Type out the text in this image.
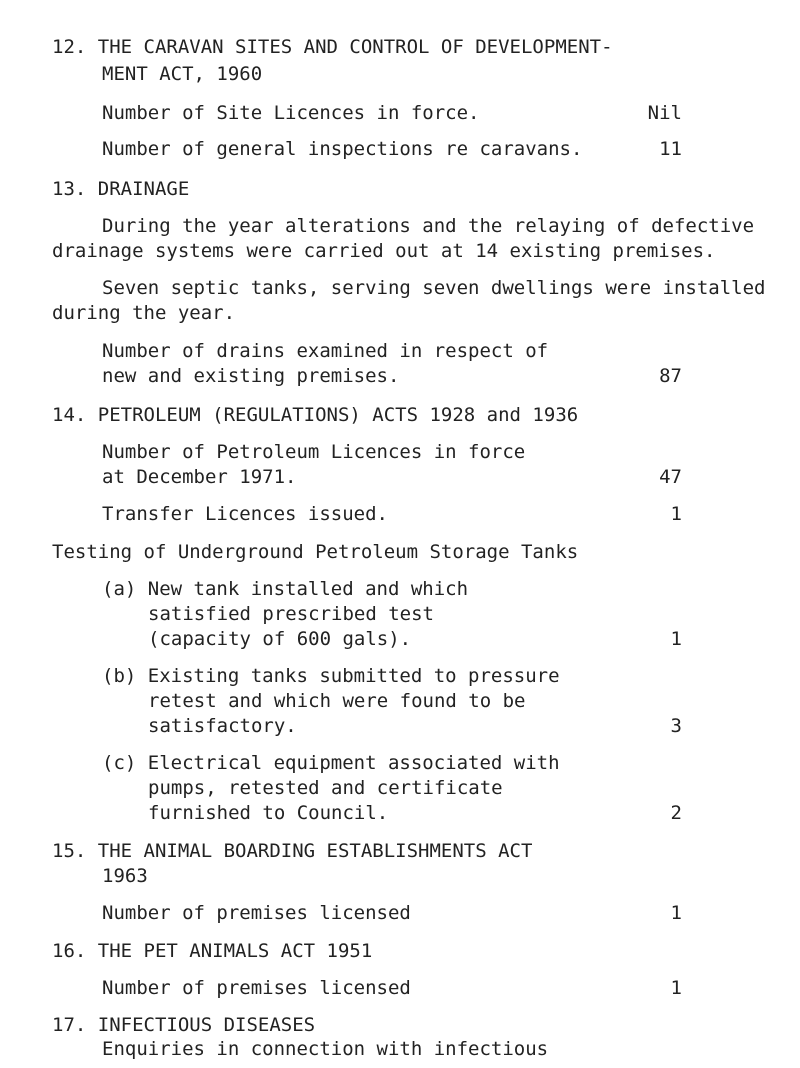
12. THE CARAVAN SITES AND CONTROL OF DEVELOPMENT-
MENT ACT, 1960
Number of Site Licences in force.	Nil
Number of general inspections re caravans.	11
13. DRAINAGE
During the year alterations and the relaying of defective
drainage systems were carried out at 14 existing premises.
Seven septic tanks, serving seven dwellings were installed
during the year.
Number of drains examined in respect of
new and existing premises.	87
14. PETROLEUM (REGULATIONS) ACTS 1928 and 1936
Number of Petroleum Licences in force
at December 1971.	47
Transfer Licences issued.	1
Testing of Underground Petroleum Storage Tanks
(a) New tank installed and which
satisfied prescribed test
(capacity of 600 gals).	1
(b) Existing tanks submitted to pressure
retest and which were found to be
satisfactory.	3
(c) Electrical equipment associated with
pumps, retested and certificate
furnished to Council.	2
15. THE ANIMAL BOARDING ESTABLISHMENTS ACT
1963
Number of premises licensed	1
16. THE PET ANIMALS ACT 1951
Number of premises licensed	1
17. INFECTIOUS DISEASES
Enquiries in connection with infectious
